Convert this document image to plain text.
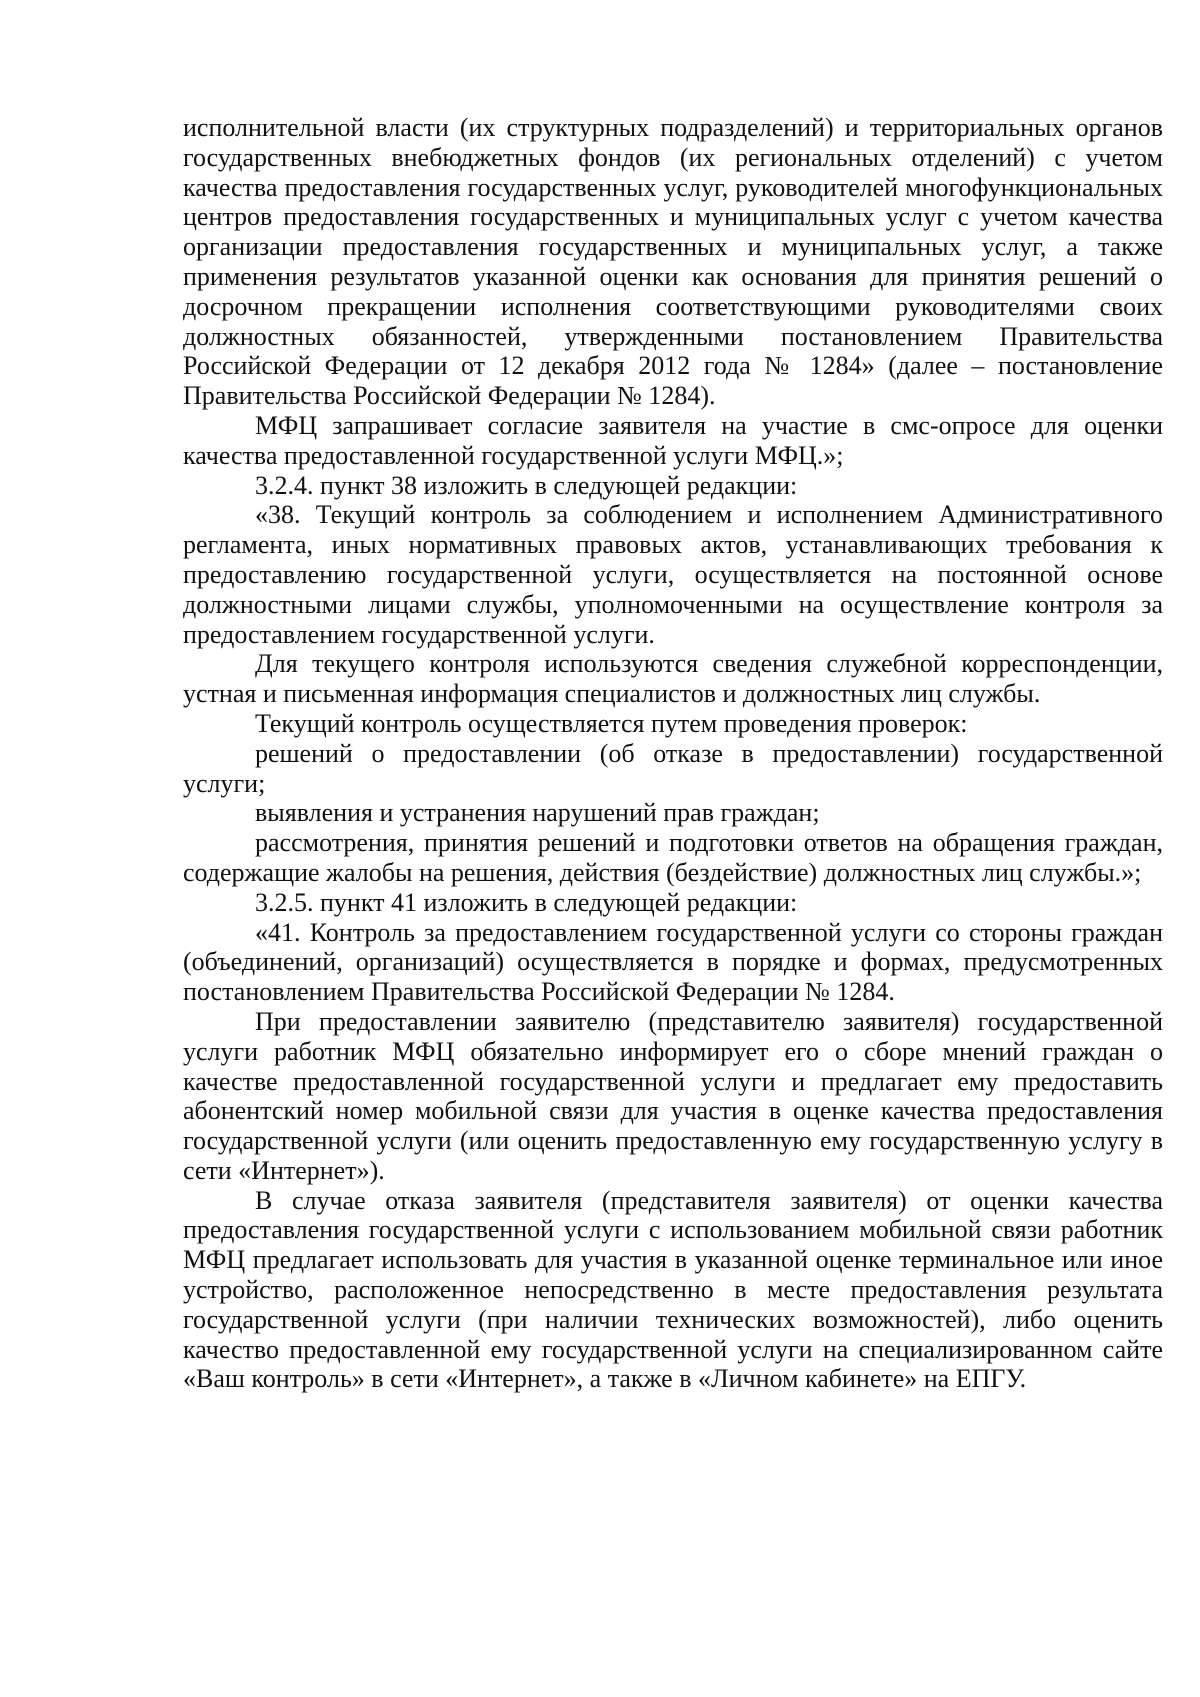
исполнительной власти (их структурных подразделений) и территориальных органов государственных внебюджетных фондов (их региональных отделений) с учетом качества предоставления государственных услуг, руководителей многофункциональных центров предоставления государственных и муниципальных услуг с учетом качества организации предоставления государственных и муниципальных услуг, а также применения результатов указанной оценки как основания для принятия решений о досрочном прекращении исполнения соответствующими руководителями своих должностных обязанностей, утвержденными постановлением Правительства Российской Федерации от 12 декабря 2012 года № 1284» (далее – постановление Правительства Российской Федерации № 1284).

МФЦ запрашивает согласие заявителя на участие в смс-опросе для оценки качества предоставленной государственной услуги МФЦ.»;

3.2.4. пункт 38 изложить в следующей редакции:

«38. Текущий контроль за соблюдением и исполнением Административного регламента, иных нормативных правовых актов, устанавливающих требования к предоставлению государственной услуги, осуществляется на постоянной основе должностными лицами службы, уполномоченными на осуществление контроля за предоставлением государственной услуги.

Для текущего контроля используются сведения служебной корреспонденции, устная и письменная информация специалистов и должностных лиц службы.

Текущий контроль осуществляется путем проведения проверок:

решений о предоставлении (об отказе в предоставлении) государственной услуги;

выявления и устранения нарушений прав граждан;

рассмотрения, принятия решений и подготовки ответов на обращения граждан, содержащие жалобы на решения, действия (бездействие) должностных лиц службы.»;

3.2.5. пункт 41 изложить в следующей редакции:

«41. Контроль за предоставлением государственной услуги со стороны граждан (объединений, организаций) осуществляется в порядке и формах, предусмотренных постановлением Правительства Российской Федерации № 1284.

При предоставлении заявителю (представителю заявителя) государственной услуги работник МФЦ обязательно информирует его о сборе мнений граждан о качестве предоставленной государственной услуги и предлагает ему предоставить абонентский номер мобильной связи для участия в оценке качества предоставления государственной услуги (или оценить предоставленную ему государственную услугу в сети «Интернет»).

В случае отказа заявителя (представителя заявителя) от оценки качества предоставления государственной услуги с использованием мобильной связи работник МФЦ предлагает использовать для участия в указанной оценке терминальное или иное устройство, расположенное непосредственно в месте предоставления результата государственной услуги (при наличии технических возможностей), либо оценить качество предоставленной ему государственной услуги на специализированном сайте «Ваш контроль» в сети «Интернет», а также в «Личном кабинете» на ЕПГУ.
